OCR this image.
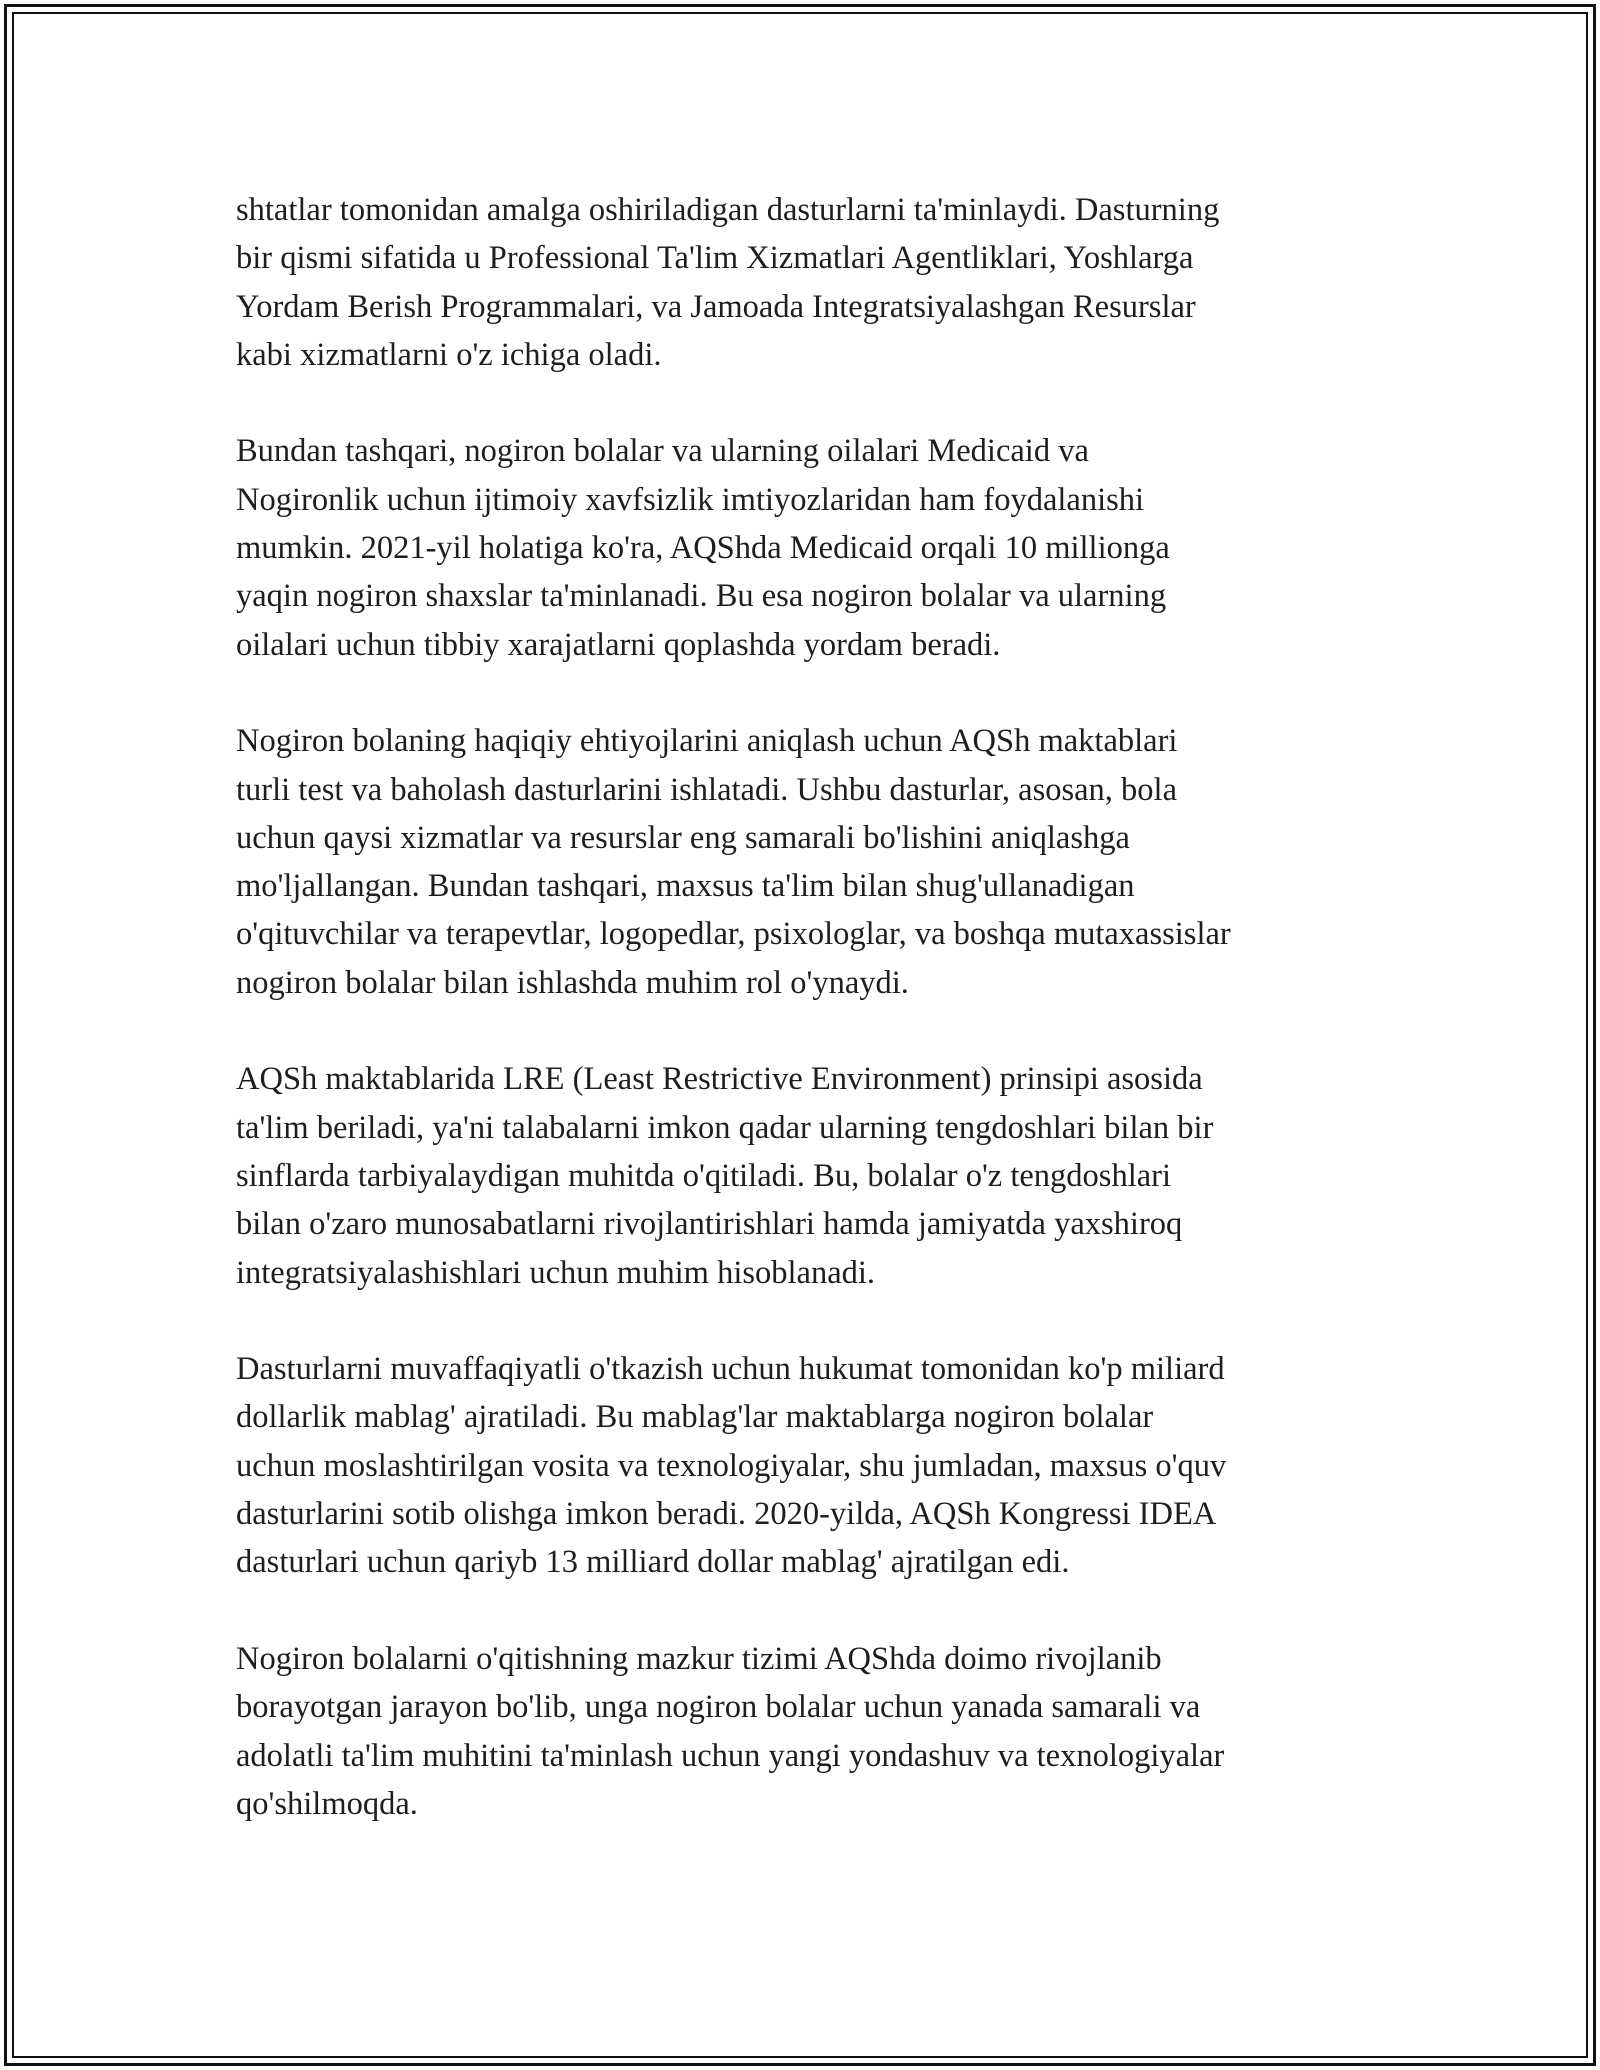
shtatlar tomonidan amalga oshiriladigan dasturlarni ta'minlaydi. Dasturning
bir qismi sifatida u Professional Ta'lim Xizmatlari Agentliklari, Yoshlarga
Yordam Berish Programmalari, va Jamoada Integratsiyalashgan Resurslar
kabi xizmatlarni o'z ichiga oladi.

Bundan tashqari, nogiron bolalar va ularning oilalari Medicaid va
Nogironlik uchun ijtimoiy xavfsizlik imtiyozlaridan ham foydalanishi
mumkin. 2021-yil holatiga ko'ra, AQShda Medicaid orqali 10 millionga
yaqin nogiron shaxslar ta'minlanadi. Bu esa nogiron bolalar va ularning
oilalari uchun tibbiy xarajatlarni qoplashda yordam beradi.

Nogiron bolaning haqiqiy ehtiyojlarini aniqlash uchun AQSh maktablari
turli test va baholash dasturlarini ishlatadi. Ushbu dasturlar, asosan, bola
uchun qaysi xizmatlar va resurslar eng samarali bo'lishini aniqlashga
mo'ljallangan. Bundan tashqari, maxsus ta'lim bilan shug'ullanadigan
o'qituvchilar va terapevtlar, logopedlar, psixologlar, va boshqa mutaxassislar
nogiron bolalar bilan ishlashda muhim rol o'ynaydi.

AQSh maktablarida LRE (Least Restrictive Environment) prinsipi asosida
ta'lim beriladi, ya'ni talabalarni imkon qadar ularning tengdoshlari bilan bir
sinflarda tarbiyalaydigan muhitda o'qitiladi. Bu, bolalar o'z tengdoshlari
bilan o'zaro munosabatlarni rivojlantirishlari hamda jamiyatda yaxshiroq
integratsiyalashishlari uchun muhim hisoblanadi.

Dasturlarni muvaffaqiyatli o'tkazish uchun hukumat tomonidan ko'p miliard
dollarlik mablag' ajratiladi. Bu mablag'lar maktablarga nogiron bolalar
uchun moslashtirilgan vosita va texnologiyalar, shu jumladan, maxsus o'quv
dasturlarini sotib olishga imkon beradi. 2020-yilda, AQSh Kongressi IDEA
dasturlari uchun qariyb 13 milliard dollar mablag' ajratilgan edi.

Nogiron bolalarni o'qitishning mazkur tizimi AQShda doimo rivojlanib
borayotgan jarayon bo'lib, unga nogiron bolalar uchun yanada samarali va
adolatli ta'lim muhitini ta'minlash uchun yangi yondashuv va texnologiyalar
qo'shilmoqda.
